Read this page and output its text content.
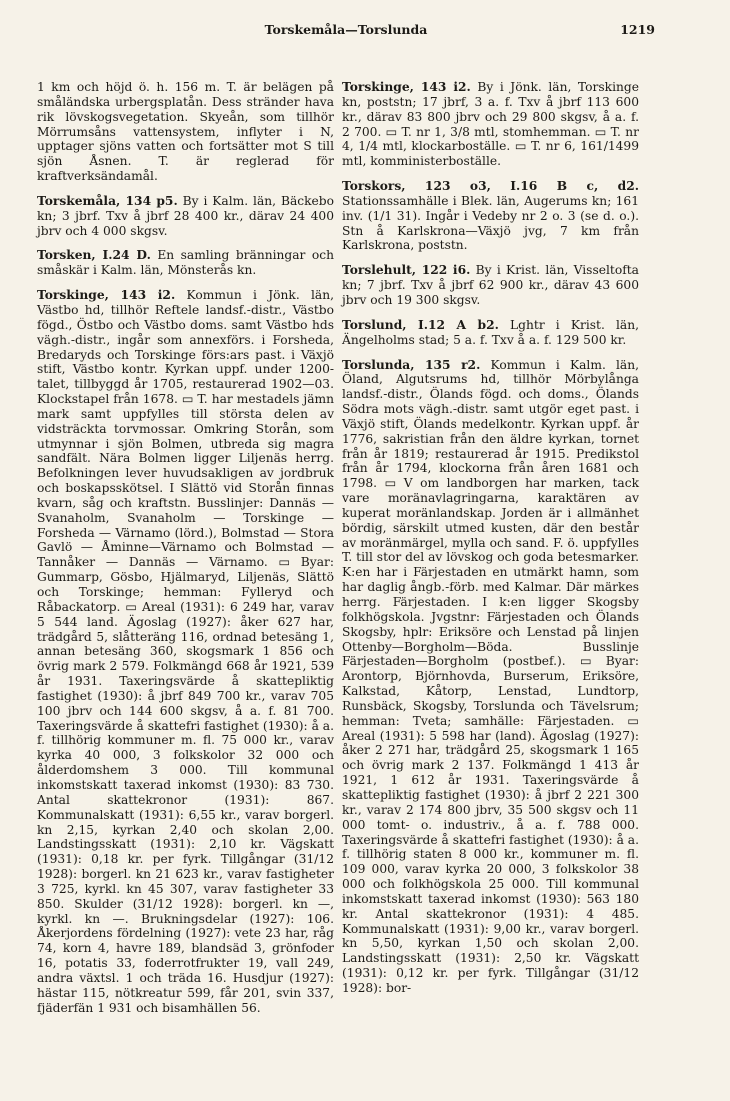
Torskemåla—Torslunda	1219

1 km och höjd ö. h. 156 m. T. är belägen på småländska urbergsplatån. Dess stränder hava rik lövskogsvegetation. Skyeån, som tillhör Mörrumsåns vattensystem, inflyter i N, upptager sjöns vatten och fortsätter mot S till sjön Åsnen. T. är reglerad för kraftverksändamål.

Torskemåla, 134 p5. By i Kalm. län, Bäckebo kn; 3 jbrf. Txv å jbrf 28 400 kr., därav 24 400 jbrv och 4 000 skgsv.

Torsken, I.24 D. En samling bränningar och småskär i Kalm. län, Mönsterås kn.

Torskinge, 143 i2. Kommun i Jönk. län, Västbo hd, tillhör Reftele landsf.-distr., Västbo fögd., Östbo och Västbo doms. samt Västbo hds vägh.-distr., ingår som annexförs. i Forsheda, Bredaryds och Torskinge förs:ars past. i Växjö stift, Västbo kontr. Kyrkan uppf. under 1200-talet, tillbyggd år 1705, restaurerad 1902—03. Klockstapel från 1678. ▭ T. har mestadels jämn mark samt uppfylles till största delen av vidsträckta torvmossar. Omkring Storån, som utmynnar i sjön Bolmen, utbreda sig magra sandfält. Nära Bolmen ligger Liljenäs herrg. Befolkningen lever huvudsakligen av jordbruk och boskapsskötsel. I Slättö vid Storån finnas kvarn, såg och kraftstn. Busslinjer: Dannäs — Svanaholm, Svanaholm — Torskinge — Forsheda — Värnamo (lörd.), Bolmstad — Stora Gavlö — Åminne—Värnamo och Bolmstad — Tannåker — Dannäs — Värnamo. ▭ Byar: Gummarp, Gösbo, Hjälmaryd, Liljenäs, Slättö och Torskinge; hemman: Fylleryd och Råbackatorp. ▭ Areal (1931): 6 249 har, varav 5 544 land. Ägoslag (1927): åker 627 har, trädgård 5, slåtteräng 116, ordnad betesäng 1, annan betesäng 360, skogsmark 1 856 och övrig mark 2 579. Folkmängd 668 år 1921, 539 år 1931. Taxeringsvärde å skattepliktig fastighet (1930): å jbrf 849 700 kr., varav 705 100 jbrv och 144 600 skgsv, å a. f. 81 700. Taxeringsvärde å skattefri fastighet (1930): å a. f. tillhörig kommuner m. fl. 75 000 kr., varav kyrka 40 000, 3 folkskolor 32 000 och ålderdomshem 3 000. Till kommunal inkomstskatt taxerad inkomst (1930): 83 730. Antal skattekronor (1931): 867. Kommunalskatt (1931): 6,55 kr., varav borgerl. kn 2,15, kyrkan 2,40 och skolan 2,00. Landstingsskatt (1931): 2,10 kr. Vägskatt (1931): 0,18 kr. per fyrk. Tillgångar (31/12 1928): borgerl. kn 21 623 kr., varav fastigheter 3 725, kyrkl. kn 45 307, varav fastigheter 33 850. Skulder (31/12 1928): borgerl. kn —, kyrkl. kn —. Brukningsdelar (1927): 106. Åkerjordens fördelning (1927): vete 23 har, råg 74, korn 4, havre 189, blandsäd 3, grönfoder 16, potatis 33, foderrotfrukter 19, vall 249, andra växtsl. 1 och träda 16. Husdjur (1927): hästar 115, nötkreatur 599, får 201, svin 337, fjäderfän 1 931 och bisamhällen 56.

Torskinge, 143 i2. By i Jönk. län, Torskinge kn, poststn; 17 jbrf, 3 a. f. Txv å jbrf 113 600 kr., därav 83 800 jbrv och 29 800 skgsv, å a. f. 2 700. ▭ T. nr 1, 3/8 mtl, stomhemman. ▭ T. nr 4, 1/4 mtl, klockarboställe. ▭ T. nr 6, 161/1499 mtl, komministerboställe.

Torskors, 123 o3, I.16 B c, d2. Stationssamhälle i Blek. län, Augerums kn; 161 inv. (1/1 31). Ingår i Vedeby nr 2 o. 3 (se d. o.). Stn å Karlskrona—Växjö jvg, 7 km från Karlskrona, poststn.

Torslehult, 122 i6. By i Krist. län, Visseltofta kn; 7 jbrf. Txv å jbrf 62 900 kr., därav 43 600 jbrv och 19 300 skgsv.

Torslund, I.12 A b2. Lghtr i Krist. län, Ängelholms stad; 5 a. f. Txv å a. f. 129 500 kr.

Torslunda, 135 r2. Kommun i Kalm. län, Öland, Algutsrums hd, tillhör Mörbylånga landsf.-distr., Ölands fögd. och doms., Ölands Södra mots vägh.-distr. samt utgör eget past. i Växjö stift, Ölands medelkontr. Kyrkan uppf. år 1776, sakristian från den äldre kyrkan, tornet från år 1819; restaurerad år 1915. Predikstol från år 1794, klockorna från åren 1681 och 1798. ▭ V om landborgen har marken, tack vare moränavlagringarna, karaktären av kuperat moränlandskap. Jorden är i allmänhet bördig, särskilt utmed kusten, där den består av moränmärgel, mylla och sand. F. ö. uppfylles T. till stor del av lövskog och goda betesmarker. K:en har i Färjestaden en utmärkt hamn, som har daglig ångb.-förb. med Kalmar. Där märkes herrg. Färjestaden. I k:en ligger Skogsby folkhögskola. Jvgstnr: Färjestaden och Ölands Skogsby, hplr: Eriksöre och Lenstad på linjen Ottenby—Borgholm—Böda. Busslinje Färjestaden—Borgholm (postbef.). ▭ Byar: Arontorp, Björnhovda, Burserum, Eriksöre, Kalkstad, Kåtorp, Lenstad, Lundtorp, Runsbäck, Skogsby, Torslunda och Tävelsrum; hemman: Tveta; samhälle: Färjestaden. ▭ Areal (1931): 5 598 har (land). Ägoslag (1927): åker 2 271 har, trädgård 25, skogsmark 1 165 och övrig mark 2 137. Folkmängd 1 413 år 1921, 1 612 år 1931. Taxeringsvärde å skattepliktig fastighet (1930): å jbrf 2 221 300 kr., varav 2 174 800 jbrv, 35 500 skgsv och 11 000 tomt- o. industriv., å a. f. 788 000. Taxeringsvärde å skattefri fastighet (1930): å a. f. tillhörig staten 8 000 kr., kommuner m. fl. 109 000, varav kyrka 20 000, 3 folkskolor 38 000 och folkhögskola 25 000. Till kommunal inkomstskatt taxerad inkomst (1930): 563 180 kr. Antal skattekronor (1931): 4 485. Kommunalskatt (1931): 9,00 kr., varav borgerl. kn 5,50, kyrkan 1,50 och skolan 2,00. Landstingsskatt (1931): 2,50 kr. Vägskatt (1931): 0,12 kr. per fyrk. Tillgångar (31/12 1928): bor-
